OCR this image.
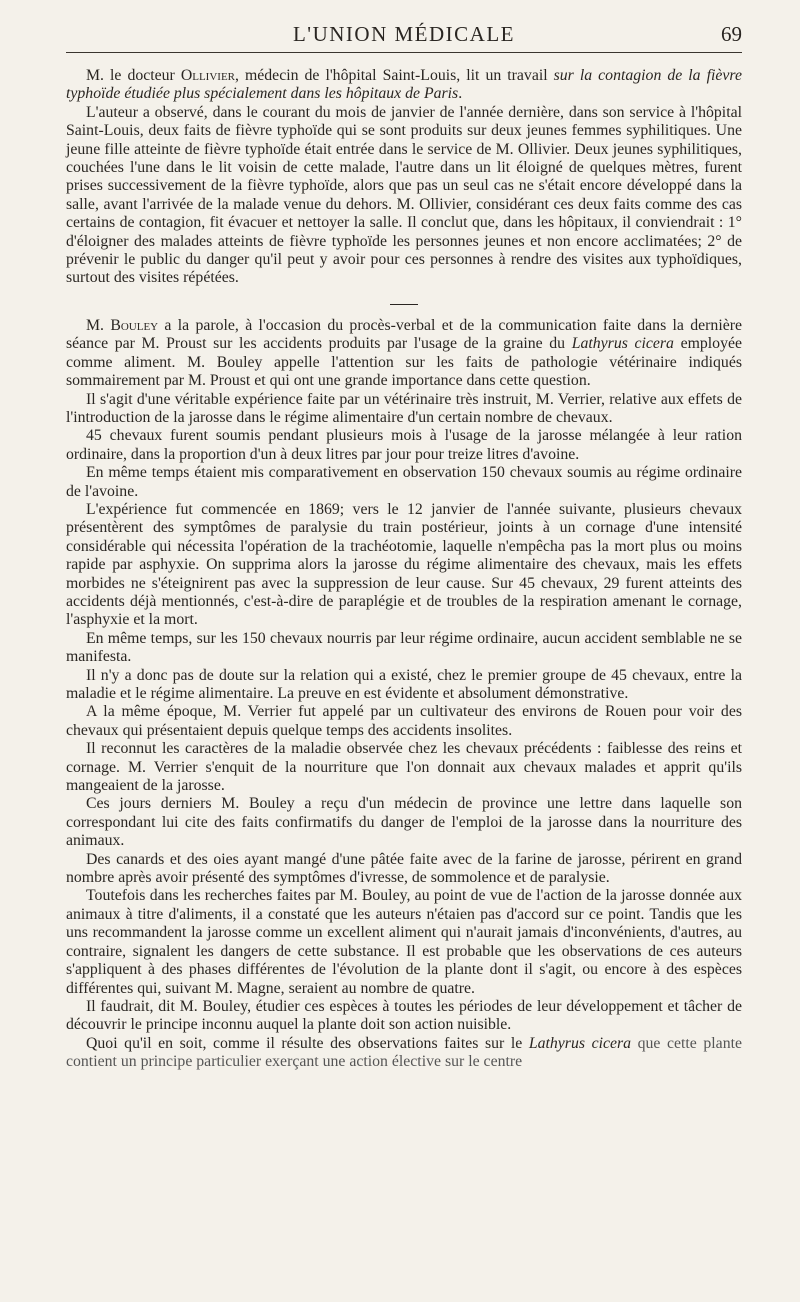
L'UNION MÉDICALE	69

M. le docteur Ollivier, médecin de l'hôpital Saint-Louis, lit un travail sur la contagion de la fièvre typhoïde étudiée plus spécialement dans les hôpitaux de Paris.

L'auteur a observé, dans le courant du mois de janvier de l'année dernière, dans son service à l'hôpital Saint-Louis, deux faits de fièvre typhoïde qui se sont produits sur deux jeunes femmes syphilitiques. Une jeune fille atteinte de fièvre typhoïde était entrée dans le service de M. Ollivier. Deux jeunes syphilitiques, couchées l'une dans le lit voisin de cette malade, l'autre dans un lit éloigné de quelques mètres, furent prises successivement de la fièvre typhoïde, alors que pas un seul cas ne s'était encore développé dans la salle, avant l'arrivée de la malade venue du dehors. M. Ollivier, considérant ces deux faits comme des cas certains de contagion, fit évacuer et nettoyer la salle. Il conclut que, dans les hôpitaux, il conviendrait : 1° d'éloigner des malades atteints de fièvre typhoïde les personnes jeunes et non encore acclimatées; 2° de prévenir le public du danger qu'il peut y avoir pour ces personnes à rendre des visites aux typhoïdiques, surtout des visites répétées.

M. Bouley a la parole, à l'occasion du procès-verbal et de la communication faite dans la dernière séance par M. Proust sur les accidents produits par l'usage de la graine du Lathyrus cicera employée comme aliment. M. Bouley appelle l'attention sur les faits de pathologie vétérinaire indiqués sommairement par M. Proust et qui ont une grande importance dans cette question.

Il s'agit d'une véritable expérience faite par un vétérinaire très instruit, M. Verrier, relative aux effets de l'introduction de la jarosse dans le régime alimentaire d'un certain nombre de chevaux.

45 chevaux furent soumis pendant plusieurs mois à l'usage de la jarosse mélangée à leur ration ordinaire, dans la proportion d'un à deux litres par jour pour treize litres d'avoine.

En même temps étaient mis comparativement en observation 150 chevaux soumis au régime ordinaire de l'avoine.

L'expérience fut commencée en 1869; vers le 12 janvier de l'année suivante, plusieurs chevaux présentèrent des symptômes de paralysie du train postérieur, joints à un cornage d'une intensité considérable qui nécessita l'opération de la trachéotomie, laquelle n'empêcha pas la mort plus ou moins rapide par asphyxie. On supprima alors la jarosse du régime alimentaire des chevaux, mais les effets morbides ne s'éteignirent pas avec la suppression de leur cause. Sur 45 chevaux, 29 furent atteints des accidents déjà mentionnés, c'est-à-dire de paraplégie et de troubles de la respiration amenant le cornage, l'asphyxie et la mort.

En même temps, sur les 150 chevaux nourris par leur régime ordinaire, aucun accident semblable ne se manifesta.

Il n'y a donc pas de doute sur la relation qui a existé, chez le premier groupe de 45 chevaux, entre la maladie et le régime alimentaire. La preuve en est évidente et absolument démonstrative.

A la même époque, M. Verrier fut appelé par un cultivateur des environs de Rouen pour voir des chevaux qui présentaient depuis quelque temps des accidents insolites.

Il reconnut les caractères de la maladie observée chez les chevaux précédents : faiblesse des reins et cornage. M. Verrier s'enquit de la nourriture que l'on donnait aux chevaux malades et apprit qu'ils mangeaient de la jarosse.

Ces jours derniers M. Bouley a reçu d'un médecin de province une lettre dans laquelle son correspondant lui cite des faits confirmatifs du danger de l'emploi de la jarosse dans la nourriture des animaux.

Des canards et des oies ayant mangé d'une pâtée faite avec de la farine de jarosse, périrent en grand nombre après avoir présenté des symptômes d'ivresse, de sommolence et de paralysie.

Toutefois dans les recherches faites par M. Bouley, au point de vue de l'action de la jarosse donnée aux animaux à titre d'aliments, il a constaté que les auteurs n'étaien pas d'accord sur ce point. Tandis que les uns recommandent la jarosse comme un excellent aliment qui n'aurait jamais d'inconvénients, d'autres, au contraire, signalent les dangers de cette substance. Il est probable que les observations de ces auteurs s'appliquent à des phases différentes de l'évolution de la plante dont il s'agit, ou encore à des espèces différentes qui, suivant M. Magne, seraient au nombre de quatre.

Il faudrait, dit M. Bouley, étudier ces espèces à toutes les périodes de leur développement et tâcher de découvrir le principe inconnu auquel la plante doit son action nuisible.

Quoi qu'il en soit, comme il résulte des observations faites sur le Lathyrus cicera que cette plante contient un principe particulier exerçant une action élective sur le centre
